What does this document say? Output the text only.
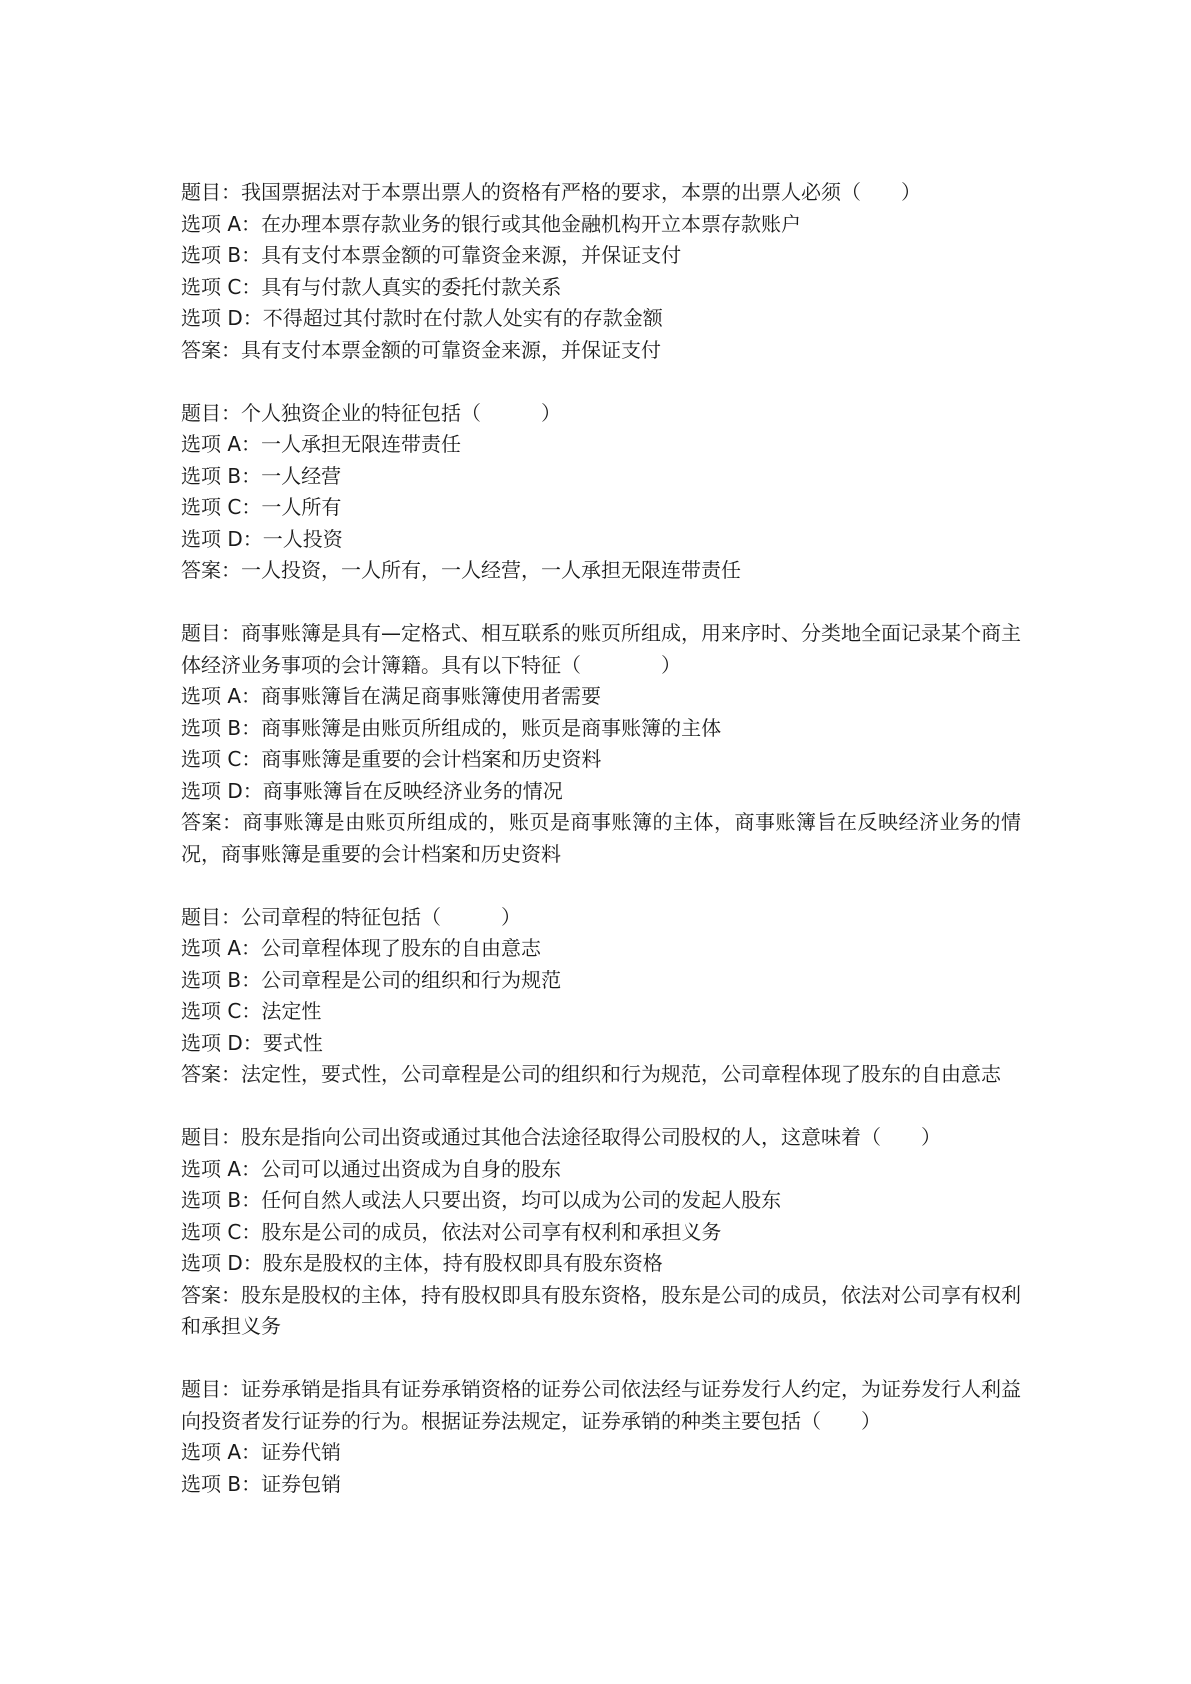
题目：我国票据法对于本票出票人的资格有严格的要求，本票的出票人必须（　　）
选项 A：在办理本票存款业务的银行或其他金融机构开立本票存款账户
选项 B：具有支付本票金额的可靠资金来源，并保证支付
选项 C：具有与付款人真实的委托付款关系
选项 D：不得超过其付款时在付款人处实有的存款金额
答案：具有支付本票金额的可靠资金来源，并保证支付
题目：个人独资企业的特征包括（　　　）
选项 A：一人承担无限连带责任
选项 B：一人经营
选项 C：一人所有
选项 D：一人投资
答案：一人投资，一人所有，一人经营，一人承担无限连带责任
题目：商事账簿是具有—定格式、相互联系的账页所组成，用来序时、分类地全面记录某个商主体经济业务事项的会计簿籍。具有以下特征（　　　　）
选项 A：商事账簿旨在满足商事账簿使用者需要
选项 B：商事账簿是由账页所组成的，账页是商事账簿的主体
选项 C：商事账簿是重要的会计档案和历史资料
选项 D：商事账簿旨在反映经济业务的情况
答案：商事账簿是由账页所组成的，账页是商事账簿的主体，商事账簿旨在反映经济业务的情况，商事账簿是重要的会计档案和历史资料
题目：公司章程的特征包括（　　　）
选项 A：公司章程体现了股东的自由意志
选项 B：公司章程是公司的组织和行为规范
选项 C：法定性
选项 D：要式性
答案：法定性，要式性，公司章程是公司的组织和行为规范，公司章程体现了股东的自由意志
题目：股东是指向公司出资或通过其他合法途径取得公司股权的人，这意味着（　　）
选项 A：公司可以通过出资成为自身的股东
选项 B：任何自然人或法人只要出资，均可以成为公司的发起人股东
选项 C：股东是公司的成员，依法对公司享有权利和承担义务
选项 D：股东是股权的主体，持有股权即具有股东资格
答案：股东是股权的主体，持有股权即具有股东资格，股东是公司的成员，依法对公司享有权利和承担义务
题目：证券承销是指具有证券承销资格的证券公司依法经与证券发行人约定，为证券发行人利益向投资者发行证券的行为。根据证券法规定，证券承销的种类主要包括（　　）
选项 A：证券代销
选项 B：证券包销
